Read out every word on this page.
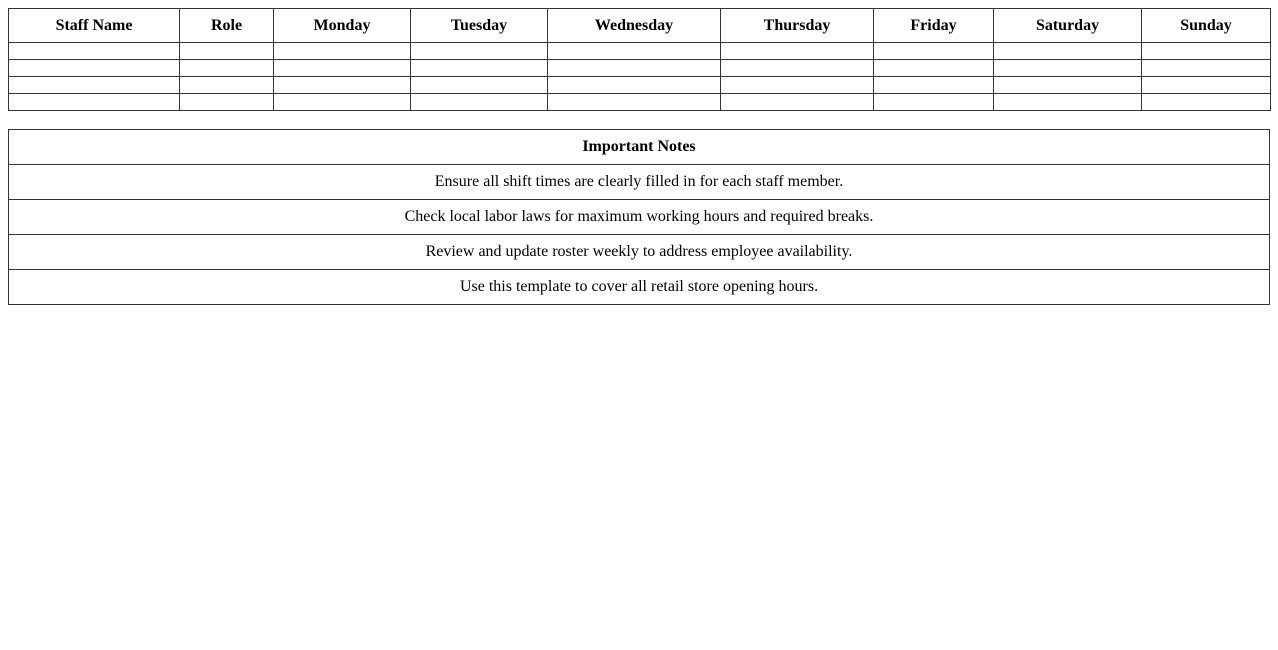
Staff Name	Role	Monday	Tuesday	Wednesday	Thursday	Friday	Saturday	Sunday

Important Notes
Ensure all shift times are clearly filled in for each staff member.
Check local labor laws for maximum working hours and required breaks.
Review and update roster weekly to address employee availability.
Use this template to cover all retail store opening hours.
